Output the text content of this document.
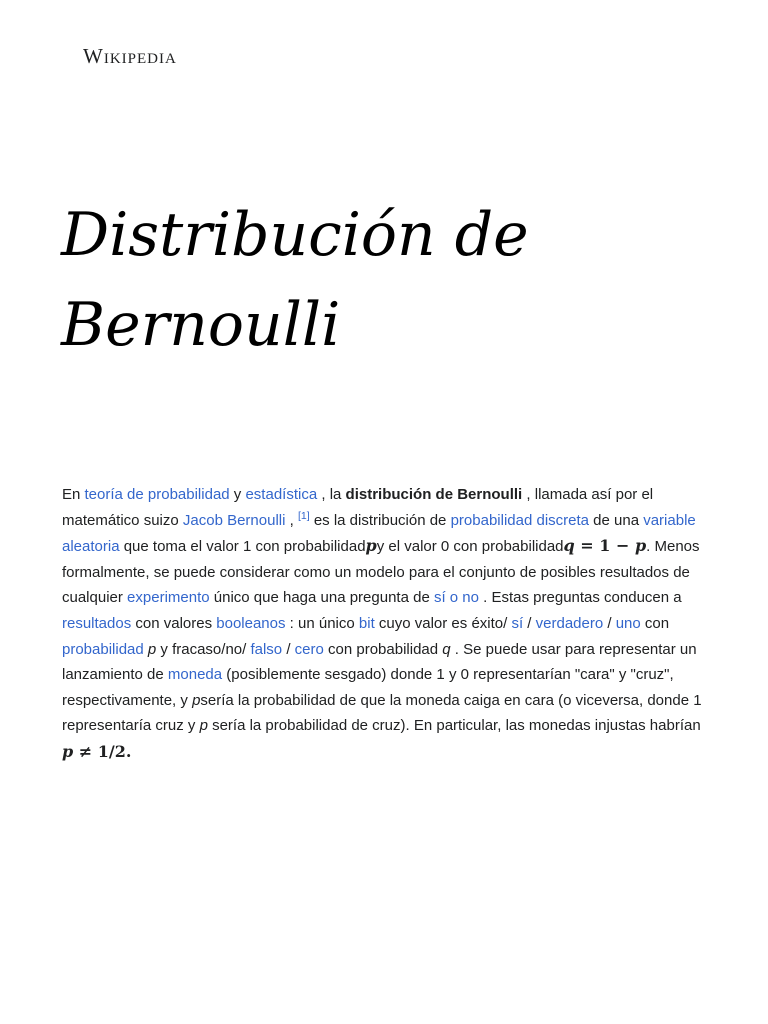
Wikipedia
Distribución de Bernoulli

En teoría de probabilidad y estadística , la distribución de Bernoulli , llamada así por el matemático suizo Jacob Bernoulli , [1] es la distribución de probabilidad discreta de una variable aleatoria que toma el valor 1 con probabilidadpy el valor 0 con probabilidadq = 1 − p. Menos formalmente, se puede considerar como un modelo para el conjunto de posibles resultados de cualquier experimento único que haga una pregunta de sí o no . Estas preguntas conducen a resultados con valores booleanos : un único bit cuyo valor es éxito/ sí / verdadero / uno con probabilidad p y fracaso/no/ falso / cero con probabilidad q . Se puede usar para representar un lanzamiento de moneda (posiblemente sesgado) donde 1 y 0 representarían "cara" y "cruz", respectivamente, y psería la probabilidad de que la moneda caiga en cara (o viceversa, donde 1 representaría cruz y p sería la probabilidad de cruz). En particular, las monedas injustas habrían p ≠ 1/2.
